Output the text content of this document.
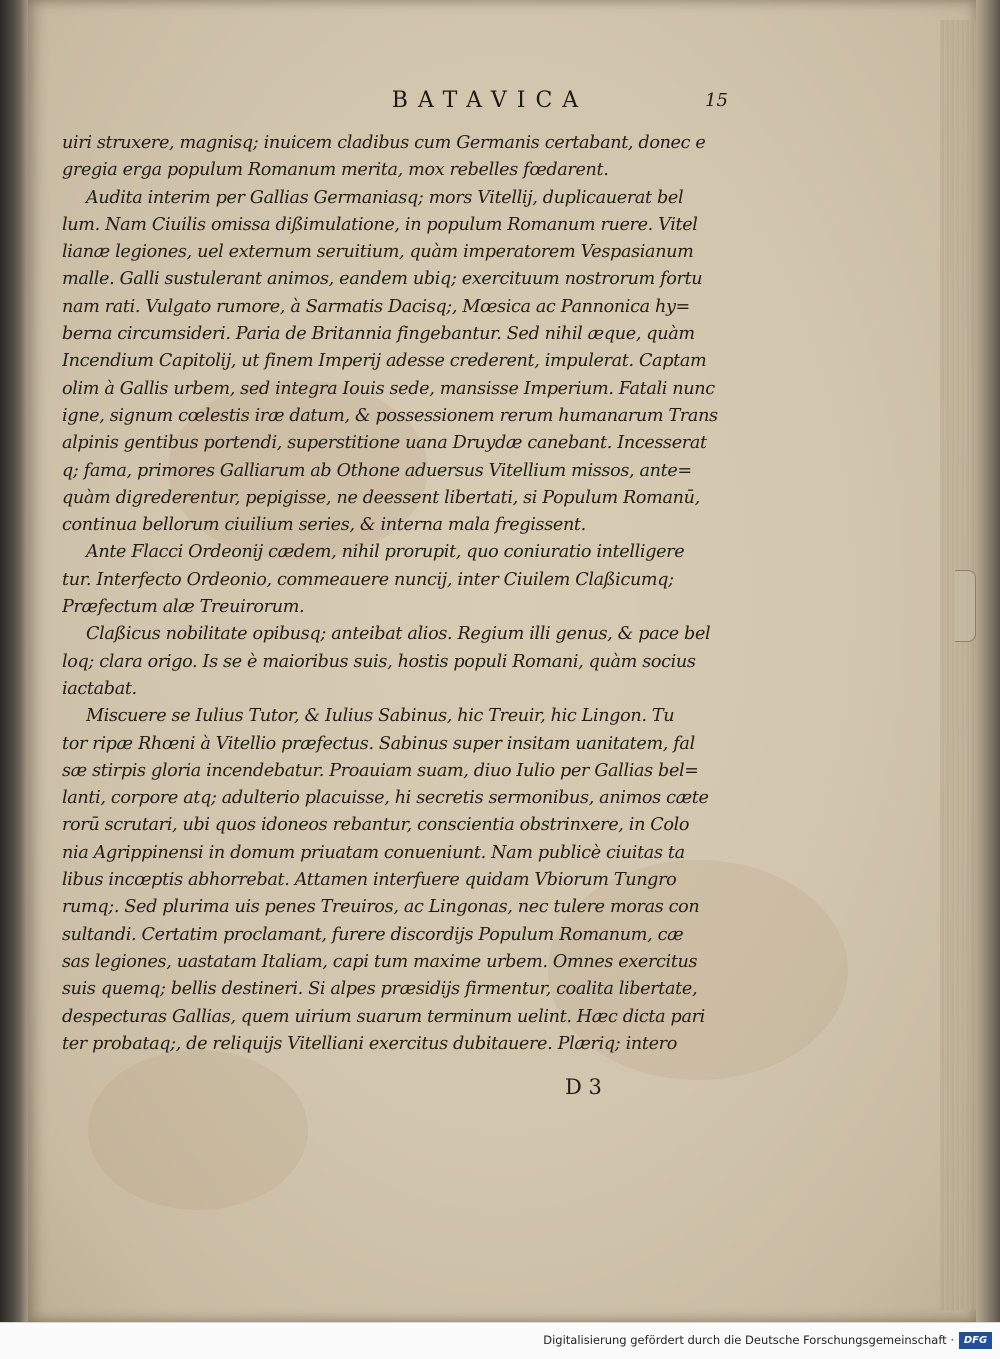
BATAVICA	15
uiri struxere, magnisq; inuicem cladibus cum Germanis certabant, donec e
gregia erga populum Romanum merita, mox rebelles fœdarent.
Audita interim per Gallias Germaniasq; mors Vitellij, duplicauerat bel
lum. Nam Ciuilis omissa dißimulatione, in populum Romanum ruere. Vitel
lianæ legiones, uel externum seruitium, quàm imperatorem Vespasianum
malle. Galli sustulerant animos, eandem ubiq; exercituum nostrorum fortu
nam rati. Vulgato rumore, à Sarmatis Dacisq;, Mœsica ac Pannonica hy=
berna circumsideri. Paria de Britannia fingebantur. Sed nihil æque, quàm
Incendium Capitolij, ut finem Imperij adesse crederent, impulerat. Captam
olim à Gallis urbem, sed integra Iouis sede, mansisse Imperium. Fatali nunc
igne, signum cœlestis iræ datum, & possessionem rerum humanarum Trans
alpinis gentibus portendi, superstitione uana Druydæ canebant. Incesserat
q; fama, primores Galliarum ab Othone aduersus Vitellium missos, ante=
quàm digrederentur, pepigisse, ne deessent libertati, si Populum Romanū,
continua bellorum ciuilium series, & interna mala fregissent.
Ante Flacci Ordeonij cædem, nihil prorupit, quo coniuratio intelligere
tur. Interfecto Ordeonio, commeauere nuncij, inter Ciuilem Claßicumq;
Præfectum alæ Treuirorum.
Claßicus nobilitate opibusq; anteibat alios. Regium illi genus, & pace bel
loq; clara origo. Is se è maioribus suis, hostis populi Romani, quàm socius
iactabat.
Miscuere se Iulius Tutor, & Iulius Sabinus, hic Treuir, hic Lingon. Tu
tor ripæ Rhœni à Vitellio præfectus. Sabinus super insitam uanitatem, fal
sæ stirpis gloria incendebatur. Proauiam suam, diuo Iulio per Gallias bel=
lanti, corpore atq; adulterio placuisse, hi secretis sermonibus, animos cæte
rorū scrutari, ubi quos idoneos rebantur, conscientia obstrinxere, in Colo
nia Agrippinensi in domum priuatam conueniunt. Nam publicè ciuitas ta
libus incœptis abhorrebat. Attamen interfuere quidam Vbiorum Tungro
rumq;. Sed plurima uis penes Treuiros, ac Lingonas, nec tulere moras con
sultandi. Certatim proclamant, furere discordijs Populum Romanum, cæ
sas legiones, uastatam Italiam, capi tum maxime urbem. Omnes exercitus
suis quemq; bellis destineri. Si alpes præsidijs firmentur, coalita libertate,
despecturas Gallias, quem uirium suarum terminum uelint. Hæc dicta pari
ter probataq;, de reliquijs Vitelliani exercitus dubitauere. Plæriq; intero
D 3
Digitalisierung gefördert durch die Deutsche Forschungsgemeinschaft · DFG
